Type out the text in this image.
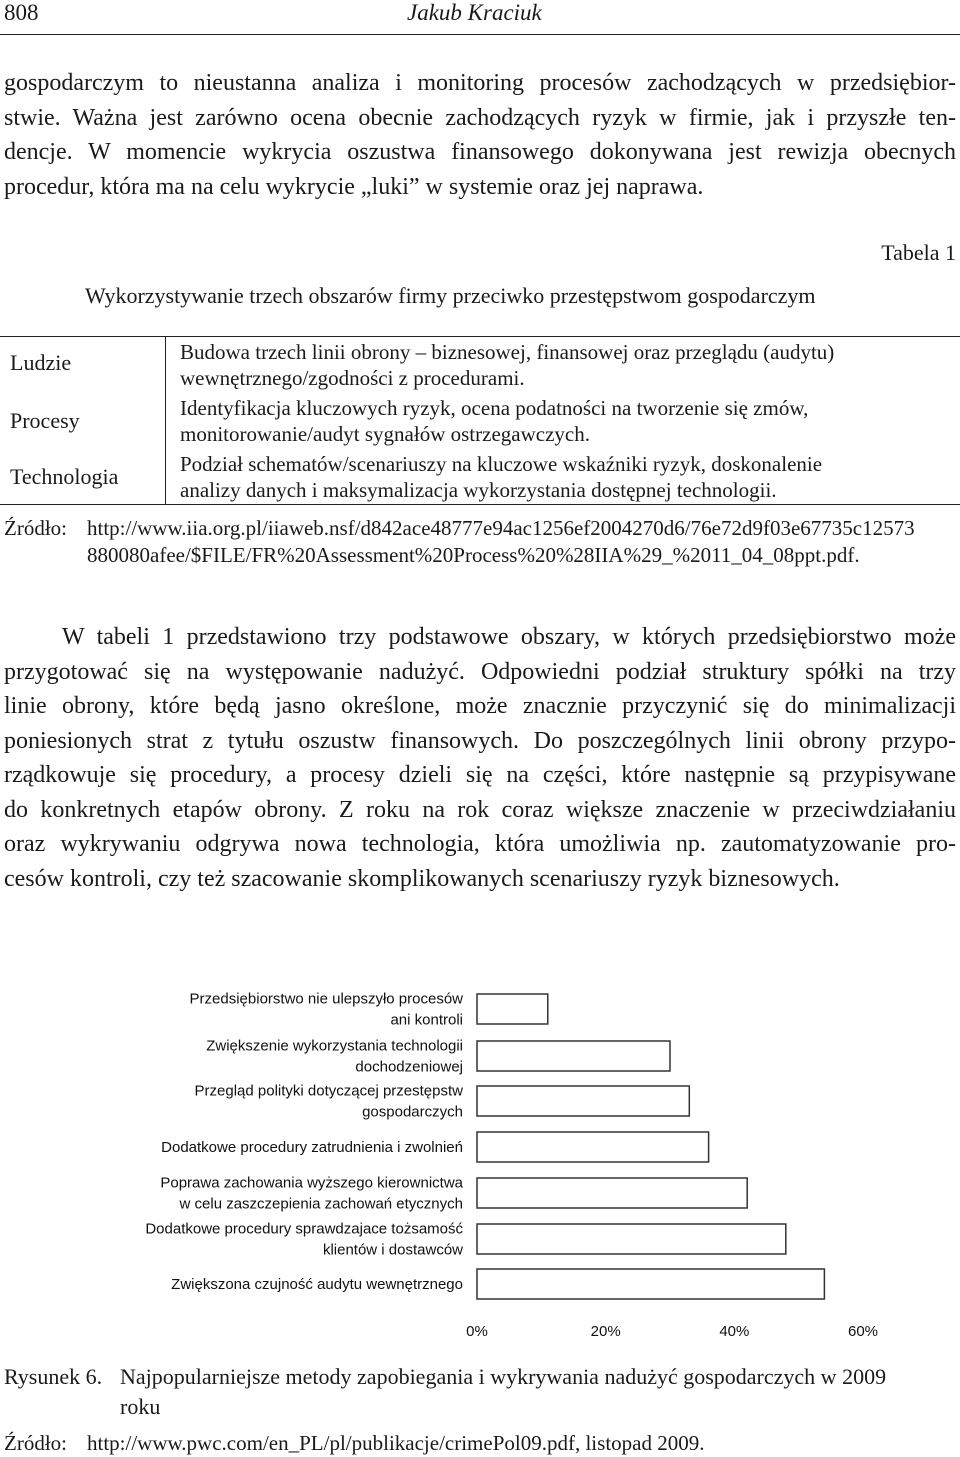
808	Jakub Kraciuk

gospodarczym to nieustanna analiza i monitoring procesów zachodzących w przedsiębior-
stwie. Ważna jest zarówno ocena obecnie zachodzących ryzyk w firmie, jak i przyszłe ten-
dencje. W momencie wykrycia oszustwa finansowego dokonywana jest rewizja obecnych
procedur, która ma na celu wykrycie „luki” w systemie oraz jej naprawa.

Tabela 1
Wykorzystywanie trzech obszarów firmy przeciwko przestępstwom gospodarczym
Ludzie	Budowa trzech linii obrony – biznesowej, finansowej oraz przeglądu (audytu)
wewnętrznego/zgodności z procedurami.
Procesy	Identyfikacja kluczowych ryzyk, ocena podatności na tworzenie się zmów,
monitorowanie/audyt sygnałów ostrzegawczych.
Technologia	Podział schematów/scenariuszy na kluczowe wskaźniki ryzyk, doskonalenie
analizy danych i maksymalizacja wykorzystania dostępnej technologii.
Źródło: http://www.iia.org.pl/iiaweb.nsf/d842ace48777e94ac1256ef2004270d6/76e72d9f03e67735c12573
880080afee/$FILE/FR%20Assessment%20Process%20%28IIA%29_%2011_04_08ppt.pdf.

W tabeli 1 przedstawiono trzy podstawowe obszary, w których przedsiębiorstwo może
przygotować się na występowanie nadużyć. Odpowiedni podział struktury spółki na trzy
linie obrony, które będą jasno określone, może znacznie przyczynić się do minimalizacji
poniesionych strat z tytułu oszustw finansowych. Do poszczególnych linii obrony przypo-
rządkowuje się procedury, a procesy dzieli się na części, które następnie są przypisywane
do konkretnych etapów obrony. Z roku na rok coraz większe znaczenie w przeciwdziałaniu
oraz wykrywaniu odgrywa nowa technologia, która umożliwia np. zautomatyzowanie pro-
cesów kontroli, czy też szacowanie skomplikowanych scenariuszy ryzyk biznesowych.

Przedsiębiorstwo nie ulepszyło procesów
ani kontroli
Zwiększenie wykorzystania technologii
dochodzeniowej
Przegląd polityki dotyczącej przestępstw
gospodarczych
Dodatkowe procedury zatrudnienia i zwolnień
Poprawa zachowania wyższego kierownictwa
w celu zaszczepienia zachowań etycznych
Dodatkowe procedury sprawdzajace tożsamość
klientów i dostawców
Zwiększona czujność audytu wewnętrznego
0%	20%	40%	60%
Rysunek 6. Najpopularniejsze metody zapobiegania i wykrywania nadużyć gospodarczych w 2009
roku
Źródło: http://www.pwc.com/en_PL/pl/publikacje/crimePol09.pdf, listopad 2009.
